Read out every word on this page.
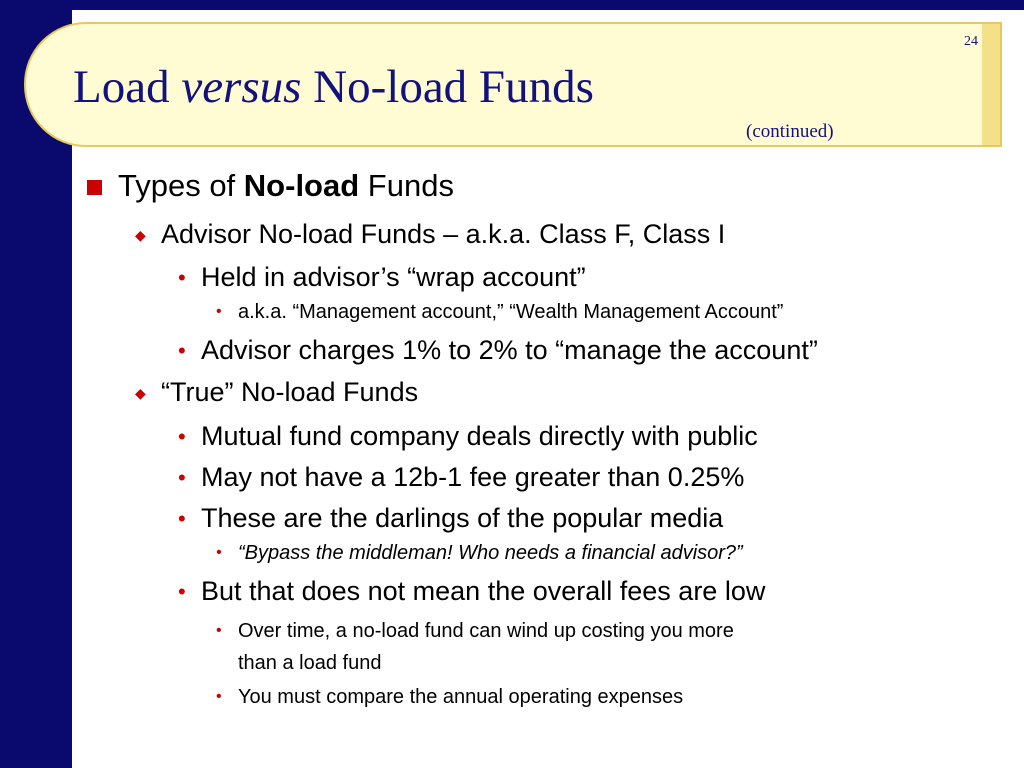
24
Load versus No-load Funds
(continued)
Types of No-load Funds
◆ Advisor No-load Funds – a.k.a. Class F, Class I
• Held in advisor’s “wrap account”
• a.k.a. “Management account,” “Wealth Management Account”
• Advisor charges 1% to 2% to “manage the account”
◆ “True” No-load Funds
• Mutual fund company deals directly with public
• May not have a 12b-1 fee greater than 0.25%
• These are the darlings of the popular media
• “Bypass the middleman! Who needs a financial advisor?”
• But that does not mean the overall fees are low
• Over time, a no-load fund can wind up costing you more
than a load fund
• You must compare the annual operating expenses
